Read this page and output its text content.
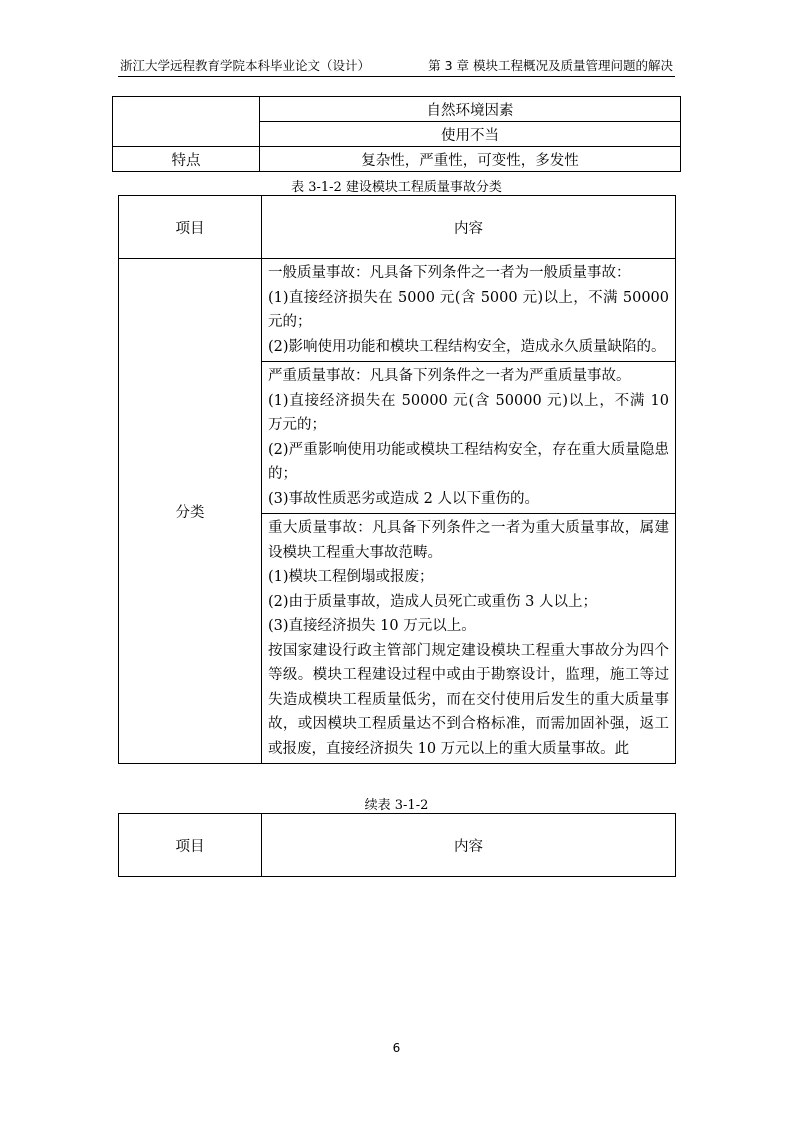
浙江大学远程教育学院本科毕业论文（设计）	第 3 章 模块工程概况及质量管理问题的解决
	自然环境因素
	使用不当
特点	复杂性，严重性，可变性，多发性
表 3-1-2 建设模块工程质量事故分类
项目	内容
分类	一般质量事故：凡具备下列条件之一者为一般质量事故：
(1)直接经济损失在 5000 元(含 5000 元)以上，不满 50000 元的；
(2)影响使用功能和模块工程结构安全，造成永久质量缺陷的。

	严重质量事故：凡具备下列条件之一者为严重质量事故。
(1)直接经济损失在 50000 元(含 50000 元)以上，不满 10 万元的；
(2)严重影响使用功能或模块工程结构安全，存在重大质量隐患的；
(3)事故性质恶劣或造成 2 人以下重伤的。

	重大质量事故：凡具备下列条件之一者为重大质量事故，属建设模块工程重大事故范畴。
(1)模块工程倒塌或报废；
(2)由于质量事故，造成人员死亡或重伤 3 人以上；
(3)直接经济损失 10 万元以上。
按国家建设行政主管部门规定建设模块工程重大事故分为四个等级。模块工程建设过程中或由于勘察设计，监理，施工等过失造成模块工程质量低劣，而在交付使用后发生的重大质量事故，或因模块工程质量达不到合格标准，而需加固补强，返工或报废，直接经济损失 10 万元以上的重大质量事故。此
续表 3-1-2
项目	内容
6
